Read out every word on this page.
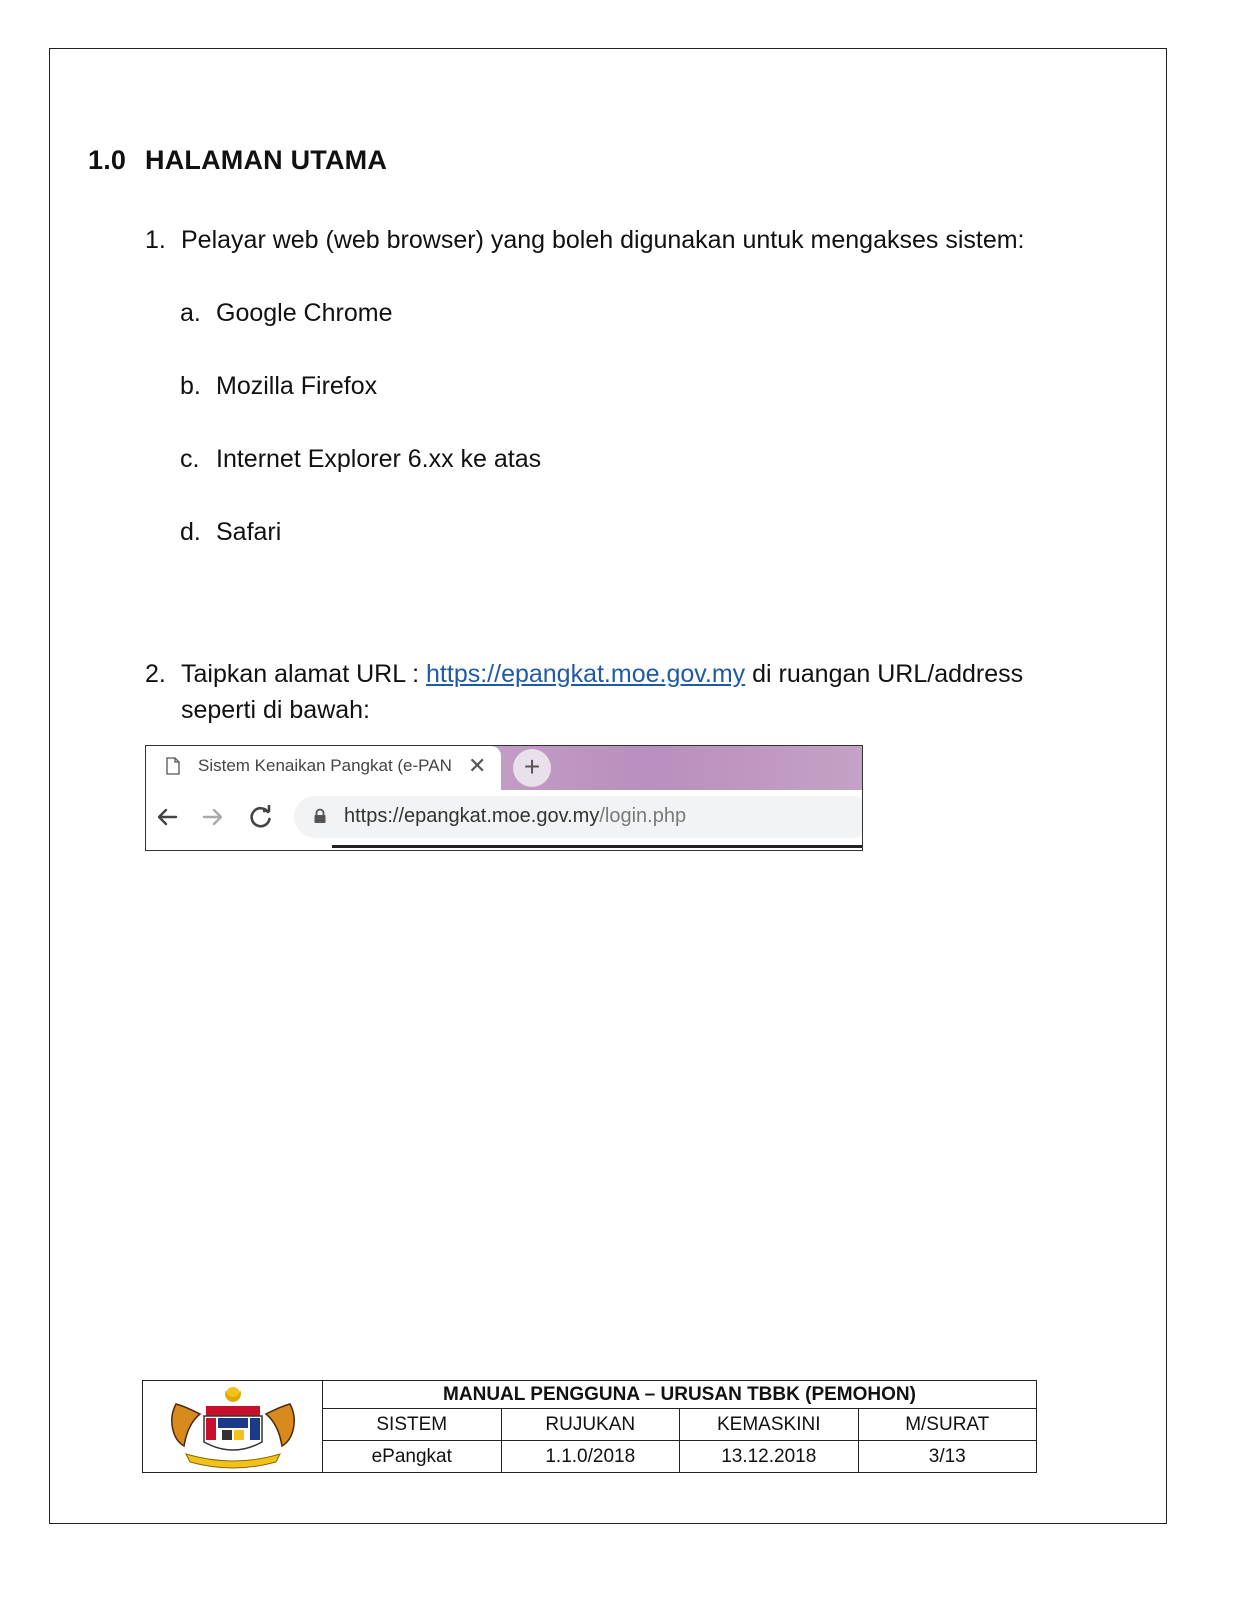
1.0 HALAMAN UTAMA
1. Pelayar web (web browser) yang boleh digunakan untuk mengakses sistem:
a. Google Chrome
b. Mozilla Firefox
c. Internet Explorer 6.xx ke atas
d. Safari
2. Taipkan alamat URL : https://epangkat.moe.gov.my di ruangan URL/address
seperti di bawah:
Sistem Kenaikan Pangkat (e-PAN ✕	+
https://epangkat.moe.gov.my/login.php
	MANUAL PENGGUNA – URUSAN TBBK (PEMOHON)			
	SISTEM	RUJUKAN	KEMASKINI	M/SURAT
	ePangkat	1.1.0/2018	13.12.2018	3/13
